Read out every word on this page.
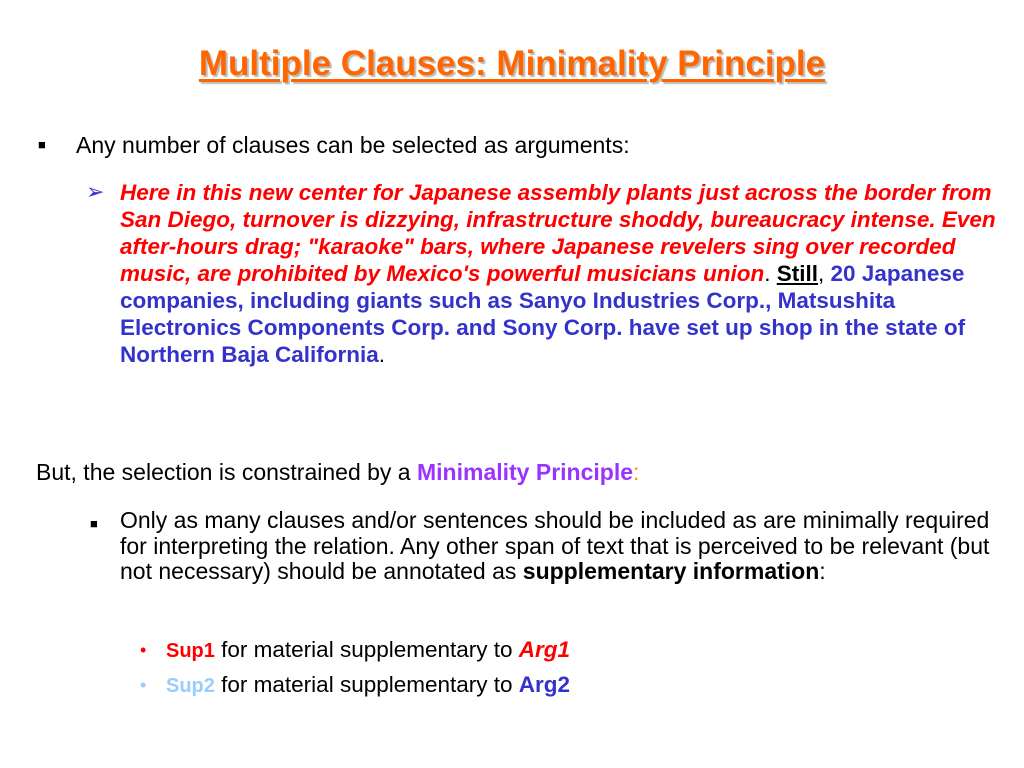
Multiple Clauses: Minimality Principle
■ Any number of clauses can be selected as arguments:
➢ Here in this new center for Japanese assembly plants just across the border from San Diego, turnover is dizzying, infrastructure shoddy, bureaucracy intense. Even after-hours drag; "karaoke" bars, where Japanese revelers sing over recorded music, are prohibited by Mexico's powerful musicians union. Still, 20 Japanese companies, including giants such as Sanyo Industries Corp., Matsushita Electronics Components Corp. and Sony Corp. have set up shop in the state of Northern Baja California.
But, the selection is constrained by a Minimality Principle:
■ Only as many clauses and/or sentences should be included as are minimally required for interpreting the relation. Any other span of text that is perceived to be relevant (but not necessary) should be annotated as supplementary information:
• Sup1 for material supplementary to Arg1
• Sup2 for material supplementary to Arg2
